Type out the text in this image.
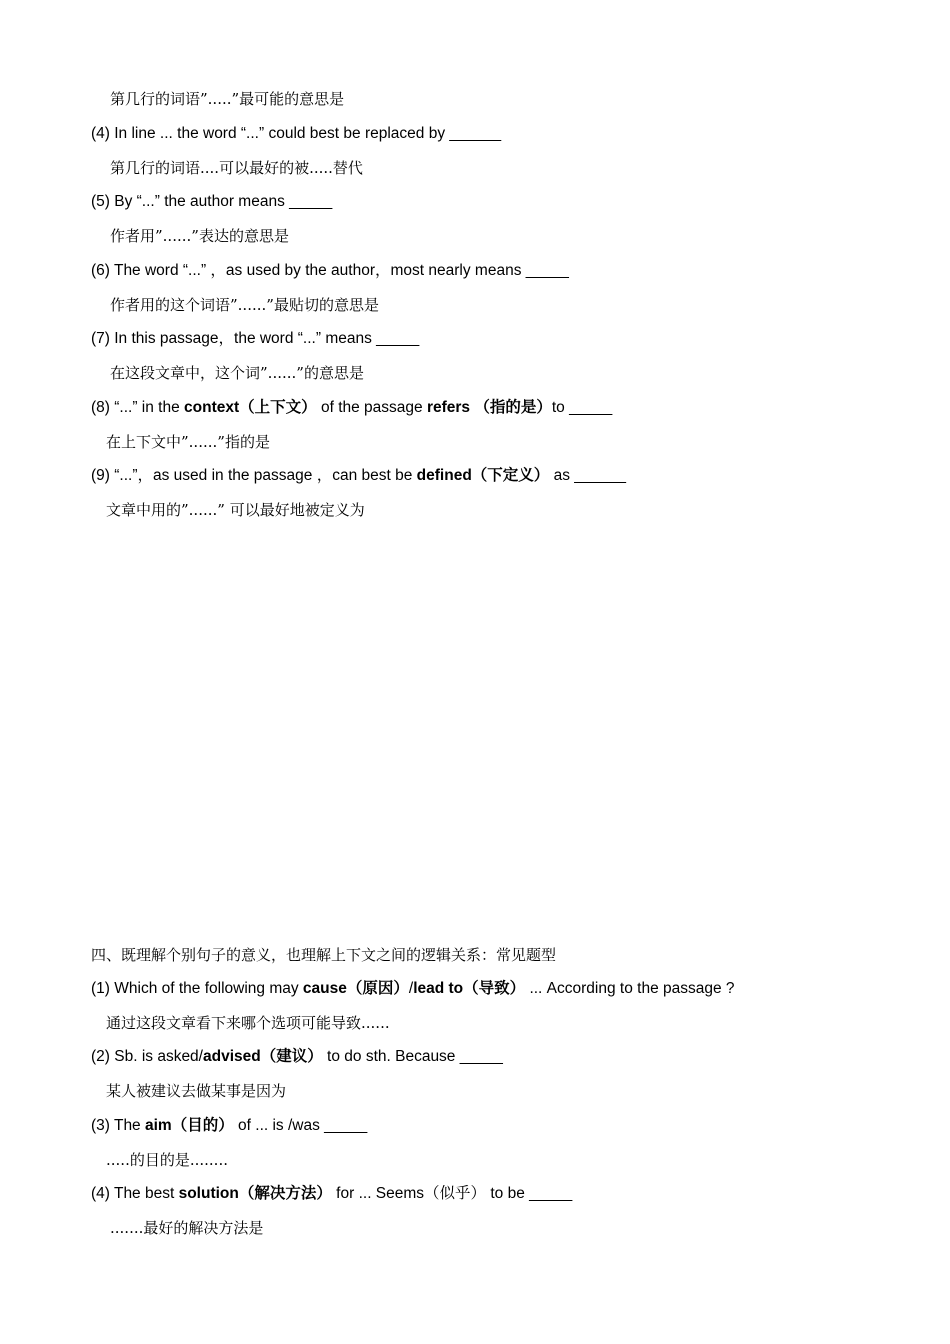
第几行的词语”.....”最可能的意思是
(4) In line ... the word “...” could best be replaced by ______
第几行的词语....可以最好的被.....替代
(5) By “...” the author means _____
作者用”......”表达的意思是
(6) The word “...” ，as used by the author，most nearly means _____
作者用的这个词语”......”最贴切的意思是
(7) In this passage，the word “...” means _____
在这段文章中，这个词”......”的意思是
(8) “...” in the context（上下文） of the passage refers （指的是）to _____
在上下文中”......”指的是
(9) “...”，as used in the passage ，can best be defined（下定义） as ______
文章中用的”......” 可以最好地被定义为
四、既理解个别句子的意义，也理解上下文之间的逻辑关系：常见题型
(1) Which of the following may cause（原因）/lead to（导致） ... According to the passage ?
通过这段文章看下来哪个选项可能导致......
(2) Sb. is asked/advised（建议） to do sth. Because _____
某人被建议去做某事是因为
(3) The aim（目的） of ... is /was _____
.....的目的是........
(4) The best solution（解决方法） for ... Seems（似乎） to be _____
.......最好的解决方法是
